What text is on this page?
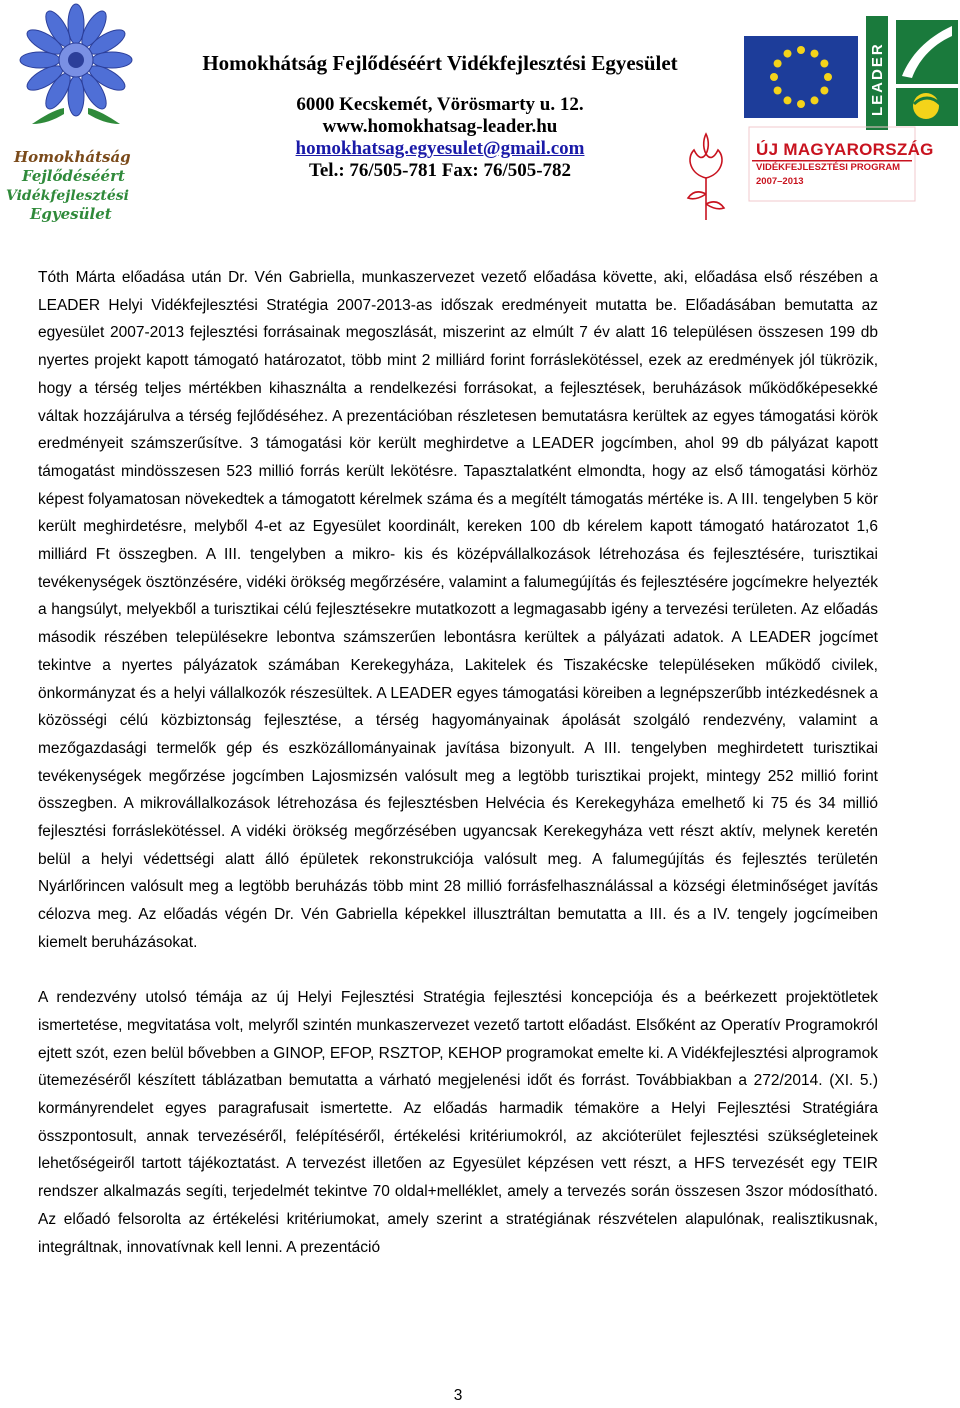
Homokhátság
Fejlődéséért
Vidékfejlesztési
Egyesület
Homokhátság Fejlődéséért Vidékfejlesztési Egyesület
6000 Kecskemét, Vörösmarty u. 12.
www.homokhatsag-leader.hu
homokhatsag.egyesulet@gmail.com
Tel.: 76/505-781 Fax: 76/505-782
LEADER
ÚJ MAGYARORSZÁG
VIDÉKFEJLESZTÉSI PROGRAM
2007–2013

Tóth Márta előadása után Dr. Vén Gabriella, munkaszervezet vezető előadása követte, aki, előadása első részében a LEADER Helyi Vidékfejlesztési Stratégia 2007-2013-as időszak eredményeit mutatta be. Előadásában bemutatta az egyesület 2007-2013 fejlesztési forrásainak megoszlását, miszerint az elmúlt 7 év alatt 16 településen összesen 199 db nyertes projekt kapott támogató határozatot, több mint 2 milliárd forint forráslekötéssel, ezek az eredmények jól tükrözik, hogy a térség teljes mértékben kihasználta a rendelkezési forrásokat, a fejlesztések, beruházások működőképesekké váltak hozzájárulva a térség fejlődéséhez. A prezentációban részletesen bemutatásra kerültek az egyes támogatási körök eredményeit számszerűsítve. 3 támogatási kör került meghirdetve a LEADER jogcímben, ahol 99 db pályázat kapott támogatást mindösszesen 523 millió forrás került lekötésre. Tapasztalatként elmondta, hogy az első támogatási körhöz képest folyamatosan növekedtek a támogatott kérelmek száma és a megítélt támogatás mértéke is. A III. tengelyben 5 kör került meghirdetésre, melyből 4-et az Egyesület koordinált, kereken 100 db kérelem kapott támogató határozatot 1,6 milliárd Ft összegben. A III. tengelyben a mikro- kis és középvállalkozások létrehozása és fejlesztésére, turisztikai tevékenységek ösztönzésére, vidéki örökség megőrzésére, valamint a falumegújítás és fejlesztésére jogcímekre helyezték a hangsúlyt, melyekből a turisztikai célú fejlesztésekre mutatkozott a legmagasabb igény a tervezési területen. Az előadás második részében településekre lebontva számszerűen lebontásra kerültek a pályázati adatok. A LEADER jogcímet tekintve a nyertes pályázatok számában Kerekegyháza, Lakitelek és Tiszakécske településeken működő civilek, önkormányzat és a helyi vállalkozók részesültek. A LEADER egyes támogatási köreiben a legnépszerűbb intézkedésnek a közösségi célú közbiztonság fejlesztése, a térség hagyományainak ápolását szolgáló rendezvény, valamint a mezőgazdasági termelők gép és eszközállományainak javítása bizonyult. A III. tengelyben meghirdetett turisztikai tevékenységek megőrzése jogcímben Lajosmizsén valósult meg a legtöbb turisztikai projekt, mintegy 252 millió forint összegben. A mikrovállalkozások létrehozása és fejlesztésben Helvécia és Kerekegyháza emelhető ki 75 és 34 millió fejlesztési forráslekötéssel. A vidéki örökség megőrzésében ugyancsak Kerekegyháza vett részt aktív, melynek keretén belül a helyi védettségi alatt álló épületek rekonstrukciója valósult meg. A falumegújítás és fejlesztés területén Nyárlőrincen valósult meg a legtöbb beruházás több mint 28 millió forrásfelhasználással a községi életminőséget javítás célozva meg. Az előadás végén Dr. Vén Gabriella képekkel illusztráltan bemutatta a III. és a IV. tengely jogcímeiben kiemelt beruházásokat.

A rendezvény utolsó témája az új Helyi Fejlesztési Stratégia fejlesztési koncepciója és a beérkezett projektötletek ismertetése, megvitatása volt, melyről szintén munkaszervezet vezető tartott előadást. Elsőként az Operatív Programokról ejtett szót, ezen belül bővebben a GINOP, EFOP, RSZTOP, KEHOP programokat emelte ki. A Vidékfejlesztési alprogramok ütemezéséről készített táblázatban bemutatta a várható megjelenési időt és forrást. Továbbiakban a 272/2014. (XI. 5.) kormányrendelet egyes paragrafusait ismertette. Az előadás harmadik témaköre a Helyi Fejlesztési Stratégiára összpontosult, annak tervezéséről, felépítéséről, értékelési kritériumokról, az akcióterület fejlesztési szükségleteinek lehetőségeiről tartott tájékoztatást. A tervezést illetően az Egyesület képzésen vett részt, a HFS tervezését egy TEIR rendszer alkalmazás segíti, terjedelmét tekintve 70 oldal+melléklet, amely a tervezés során összesen 3szor módosítható. Az előadó felsorolta az értékelési kritériumokat, amely szerint a stratégiának részvételen alapulónak, realisztikusnak, integráltnak, innovatívnak kell lenni. A prezentáció

3
